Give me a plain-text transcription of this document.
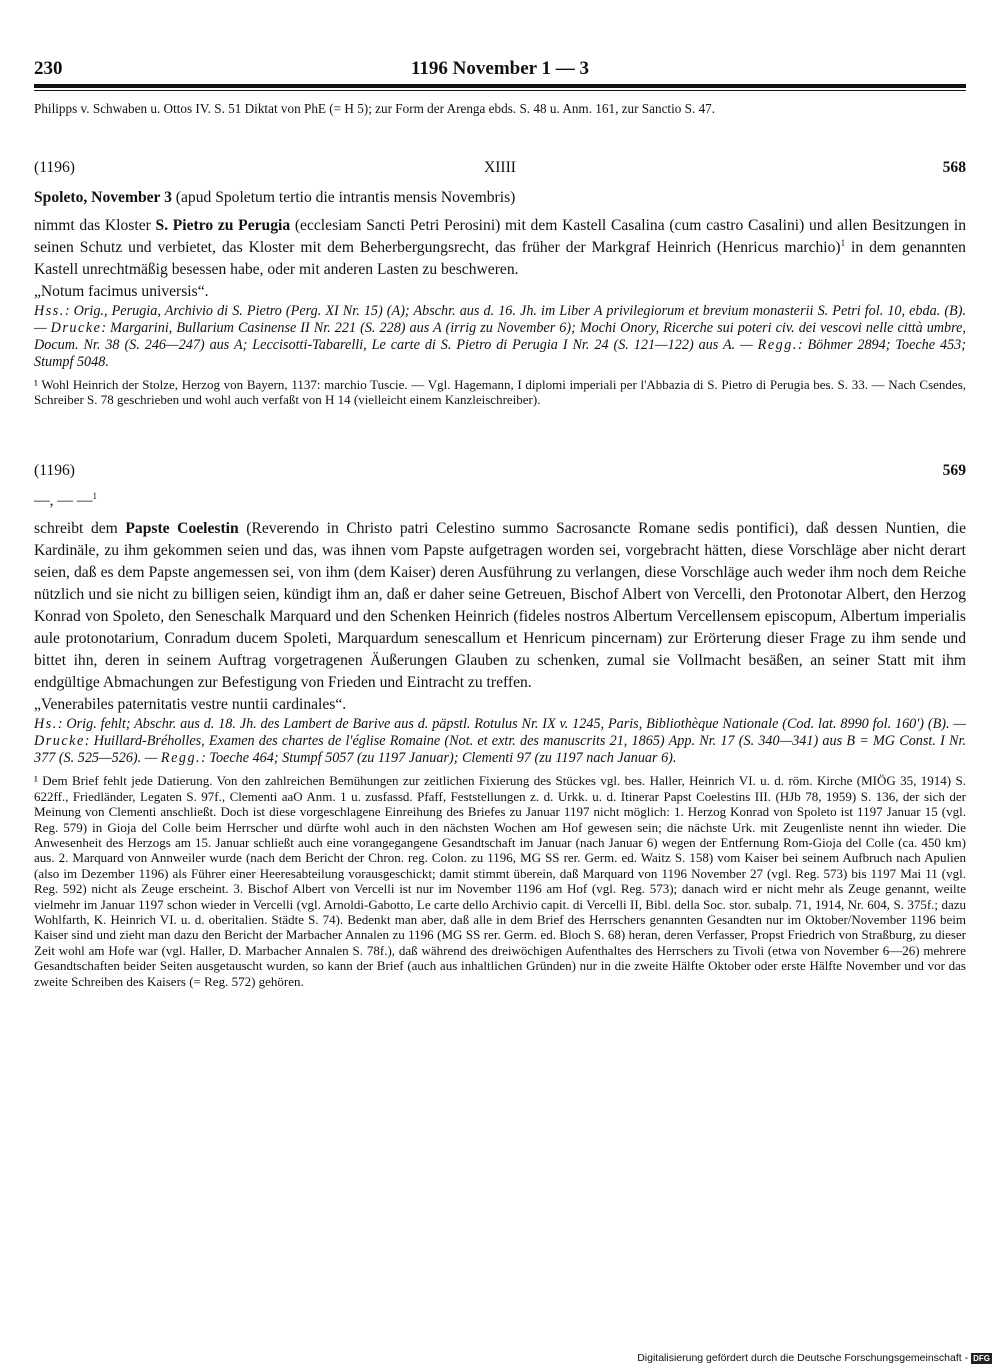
230	1196 November 1 — 3

Philipps v. Schwaben u. Ottos IV. S. 51 Diktat von PhE (= H 5); zur Form der Arenga ebds. S. 48 u. Anm. 161, zur Sanctio S. 47.

(1196)	XIIII	568
Spoleto, November 3 (apud Spoletum tertio die intrantis mensis Novembris)
nimmt das Kloster S. Pietro zu Perugia (ecclesiam Sancti Petri Perosini) mit dem Kastell Casalina (cum castro Casalini) und allen Besitzungen in seinen Schutz und verbietet, das Kloster mit dem Beherbergungsrecht, das früher der Markgraf Heinrich (Henricus marchio)$^1$ in dem genannten Kastell unrechtmäßig besessen habe, oder mit anderen Lasten zu beschweren.
„Notum facimus universis“.
Hss.: Orig., Perugia, Archivio di S. Pietro (Perg. XI Nr. 15) (A); Abschr. aus d. 16. Jh. im Liber A privilegiorum et brevium monasterii S. Petri fol. 10, ebda. (B). — Drucke: Margarini, Bullarium Casinense II Nr. 221 (S. 228) aus A (irrig zu November 6); Mochi Onory, Ricerche sui poteri civ. dei vescovi nelle città umbre, Docum. Nr. 38 (S. 246—247) aus A; Leccisotti-Tabarelli, Le carte di S. Pietro di Perugia I Nr. 24 (S. 121—122) aus A. — Regg.: Böhmer 2894; Toeche 453; Stumpf 5048.

¹ Wohl Heinrich der Stolze, Herzog von Bayern, 1137: marchio Tuscie. — Vgl. Hagemann, I diplomi imperiali per l'Abbazia di S. Pietro di Perugia bes. S. 33. — Nach Csendes, Schreiber S. 78 geschrieben und wohl auch verfaßt von H 14 (vielleicht einem Kanzleischreiber).

(1196)	569
—, — —$^1$
schreibt dem Papste Coelestin (Reverendo in Christo patri Celestino summo Sacrosancte Romane sedis pontifici), daß dessen Nuntien, die Kardinäle, zu ihm gekommen seien und das, was ihnen vom Papste aufgetragen worden sei, vorgebracht hätten, diese Vorschläge aber nicht derart seien, daß es dem Papste angemessen sei, von ihm (dem Kaiser) deren Ausführung zu verlangen, diese Vorschläge auch weder ihm noch dem Reiche nützlich und sie nicht zu billigen seien, kündigt ihm an, daß er daher seine Getreuen, Bischof Albert von Vercelli, den Protonotar Albert, den Herzog Konrad von Spoleto, den Seneschalk Marquard und den Schenken Heinrich (fideles nostros Albertum Vercellensem episcopum, Albertum imperialis aule protonotarium, Conradum ducem Spoleti, Marquardum senescallum et Henricum pincernam) zur Erörterung dieser Frage zu ihm sende und bittet ihn, deren in seinem Auftrag vorgetragenen Äußerungen Glauben zu schenken, zumal sie Vollmacht besäßen, an seiner Statt mit ihm endgültige Abmachungen zur Befestigung von Frieden und Eintracht zu treffen.
„Venerabiles paternitatis vestre nuntii cardinales“.
Hs.: Orig. fehlt; Abschr. aus d. 18. Jh. des Lambert de Barive aus d. päpstl. Rotulus Nr. IX v. 1245, Paris, Bibliothèque Nationale (Cod. lat. 8990 fol. 160') (B). — Drucke: Huillard-Bréholles, Examen des chartes de l'église Romaine (Not. et extr. des manuscrits 21, 1865) App. Nr. 17 (S. 340—341) aus B = MG Const. I Nr. 377 (S. 525—526). — Regg.: Toeche 464; Stumpf 5057 (zu 1197 Januar); Clementi 97 (zu 1197 nach Januar 6).

¹ Dem Brief fehlt jede Datierung. Von den zahlreichen Bemühungen zur zeitlichen Fixierung des Stückes vgl. bes. Haller, Heinrich VI. u. d. röm. Kirche (MIÖG 35, 1914) S. 622ff., Friedländer, Legaten S. 97f., Clementi aaO Anm. 1 u. zusfassd. Pfaff, Feststellungen z. d. Urkk. u. d. Itinerar Papst Coelestins III. (HJb 78, 1959) S. 136, der sich der Meinung von Clementi anschließt. Doch ist diese vorgeschlagene Einreihung des Briefes zu Januar 1197 nicht möglich: 1. Herzog Konrad von Spoleto ist 1197 Januar 15 (vgl. Reg. 579) in Gioja del Colle beim Herrscher und dürfte wohl auch in den nächsten Wochen am Hof gewesen sein; die nächste Urk. mit Zeugenliste nennt ihn wieder. Die Anwesenheit des Herzogs am 15. Januar schließt auch eine vorangegangene Gesandtschaft im Januar (nach Januar 6) wegen der Entfernung Rom-Gioja del Colle (ca. 450 km) aus. 2. Marquard von Annweiler wurde (nach dem Bericht der Chron. reg. Colon. zu 1196, MG SS rer. Germ. ed. Waitz S. 158) vom Kaiser bei seinem Aufbruch nach Apulien (also im Dezember 1196) als Führer einer Heeresabteilung vorausgeschickt; damit stimmt überein, daß Marquard von 1196 November 27 (vgl. Reg. 573) bis 1197 Mai 11 (vgl. Reg. 592) nicht als Zeuge erscheint. 3. Bischof Albert von Vercelli ist nur im November 1196 am Hof (vgl. Reg. 573); danach wird er nicht mehr als Zeuge genannt, weilte vielmehr im Januar 1197 schon wieder in Vercelli (vgl. Arnoldi-Gabotto, Le carte dello Archivio capit. di Vercelli II, Bibl. della Soc. stor. subalp. 71, 1914, Nr. 604, S. 375f.; dazu Wohlfarth, K. Heinrich VI. u. d. oberitalien. Städte S. 74). Bedenkt man aber, daß alle in dem Brief des Herrschers genannten Gesandten nur im Oktober/November 1196 beim Kaiser sind und zieht man dazu den Bericht der Marbacher Annalen zu 1196 (MG SS rer. Germ. ed. Bloch S. 68) heran, deren Verfasser, Propst Friedrich von Straßburg, zu dieser Zeit wohl am Hofe war (vgl. Haller, D. Marbacher Annalen S. 78f.), daß während des dreiwöchigen Aufenthaltes des Herrschers zu Tivoli (etwa von November 6—26) mehrere Gesandtschaften beider Seiten ausgetauscht wurden, so kann der Brief (auch aus inhaltlichen Gründen) nur in die zweite Hälfte Oktober oder erste Hälfte November und vor das zweite Schreiben des Kaisers (= Reg. 572) gehören.

Digitalisierung gefördert durch die Deutsche Forschungsgemeinschaft - DFG
